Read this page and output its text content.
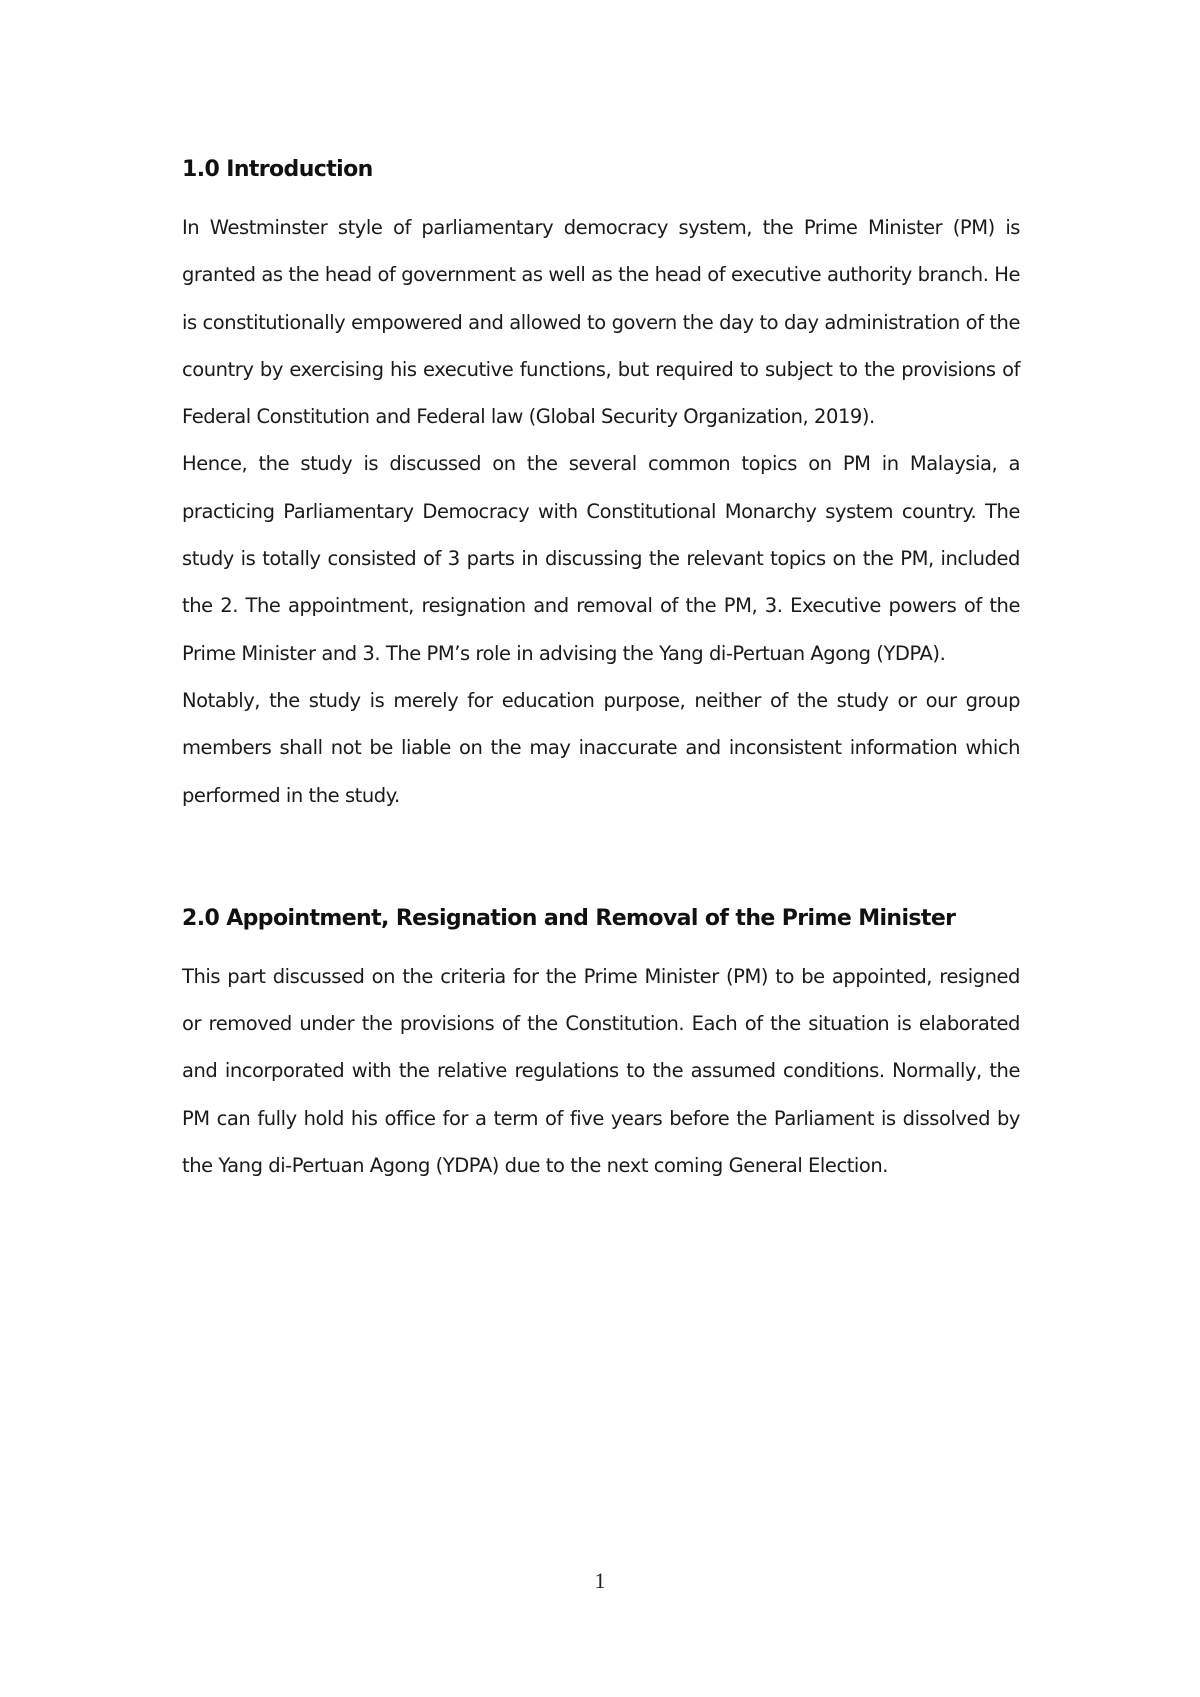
1.0 Introduction

In Westminster style of parliamentary democracy system, the Prime Minister (PM) is granted as the head of government as well as the head of executive authority branch. He is constitutionally empowered and allowed to govern the day to day administration of the country by exercising his executive functions, but required to subject to the provisions of Federal Constitution and Federal law (Global Security Organization, 2019).

Hence, the study is discussed on the several common topics on PM in Malaysia, a practicing Parliamentary Democracy with Constitutional Monarchy system country. The study is totally consisted of 3 parts in discussing the relevant topics on the PM, included the 2. The appointment, resignation and removal of the PM, 3. Executive powers of the Prime Minister and 3. The PM’s role in advising the Yang di-Pertuan Agong (YDPA).

Notably, the study is merely for education purpose, neither of the study or our group members shall not be liable on the may inaccurate and inconsistent information which performed in the study.

2.0 Appointment, Resignation and Removal of the Prime Minister

This part discussed on the criteria for the Prime Minister (PM) to be appointed, resigned or removed under the provisions of the Constitution. Each of the situation is elaborated and incorporated with the relative regulations to the assumed conditions. Normally, the PM can fully hold his office for a term of five years before the Parliament is dissolved by the Yang di-Pertuan Agong (YDPA) due to the next coming General Election.

1
